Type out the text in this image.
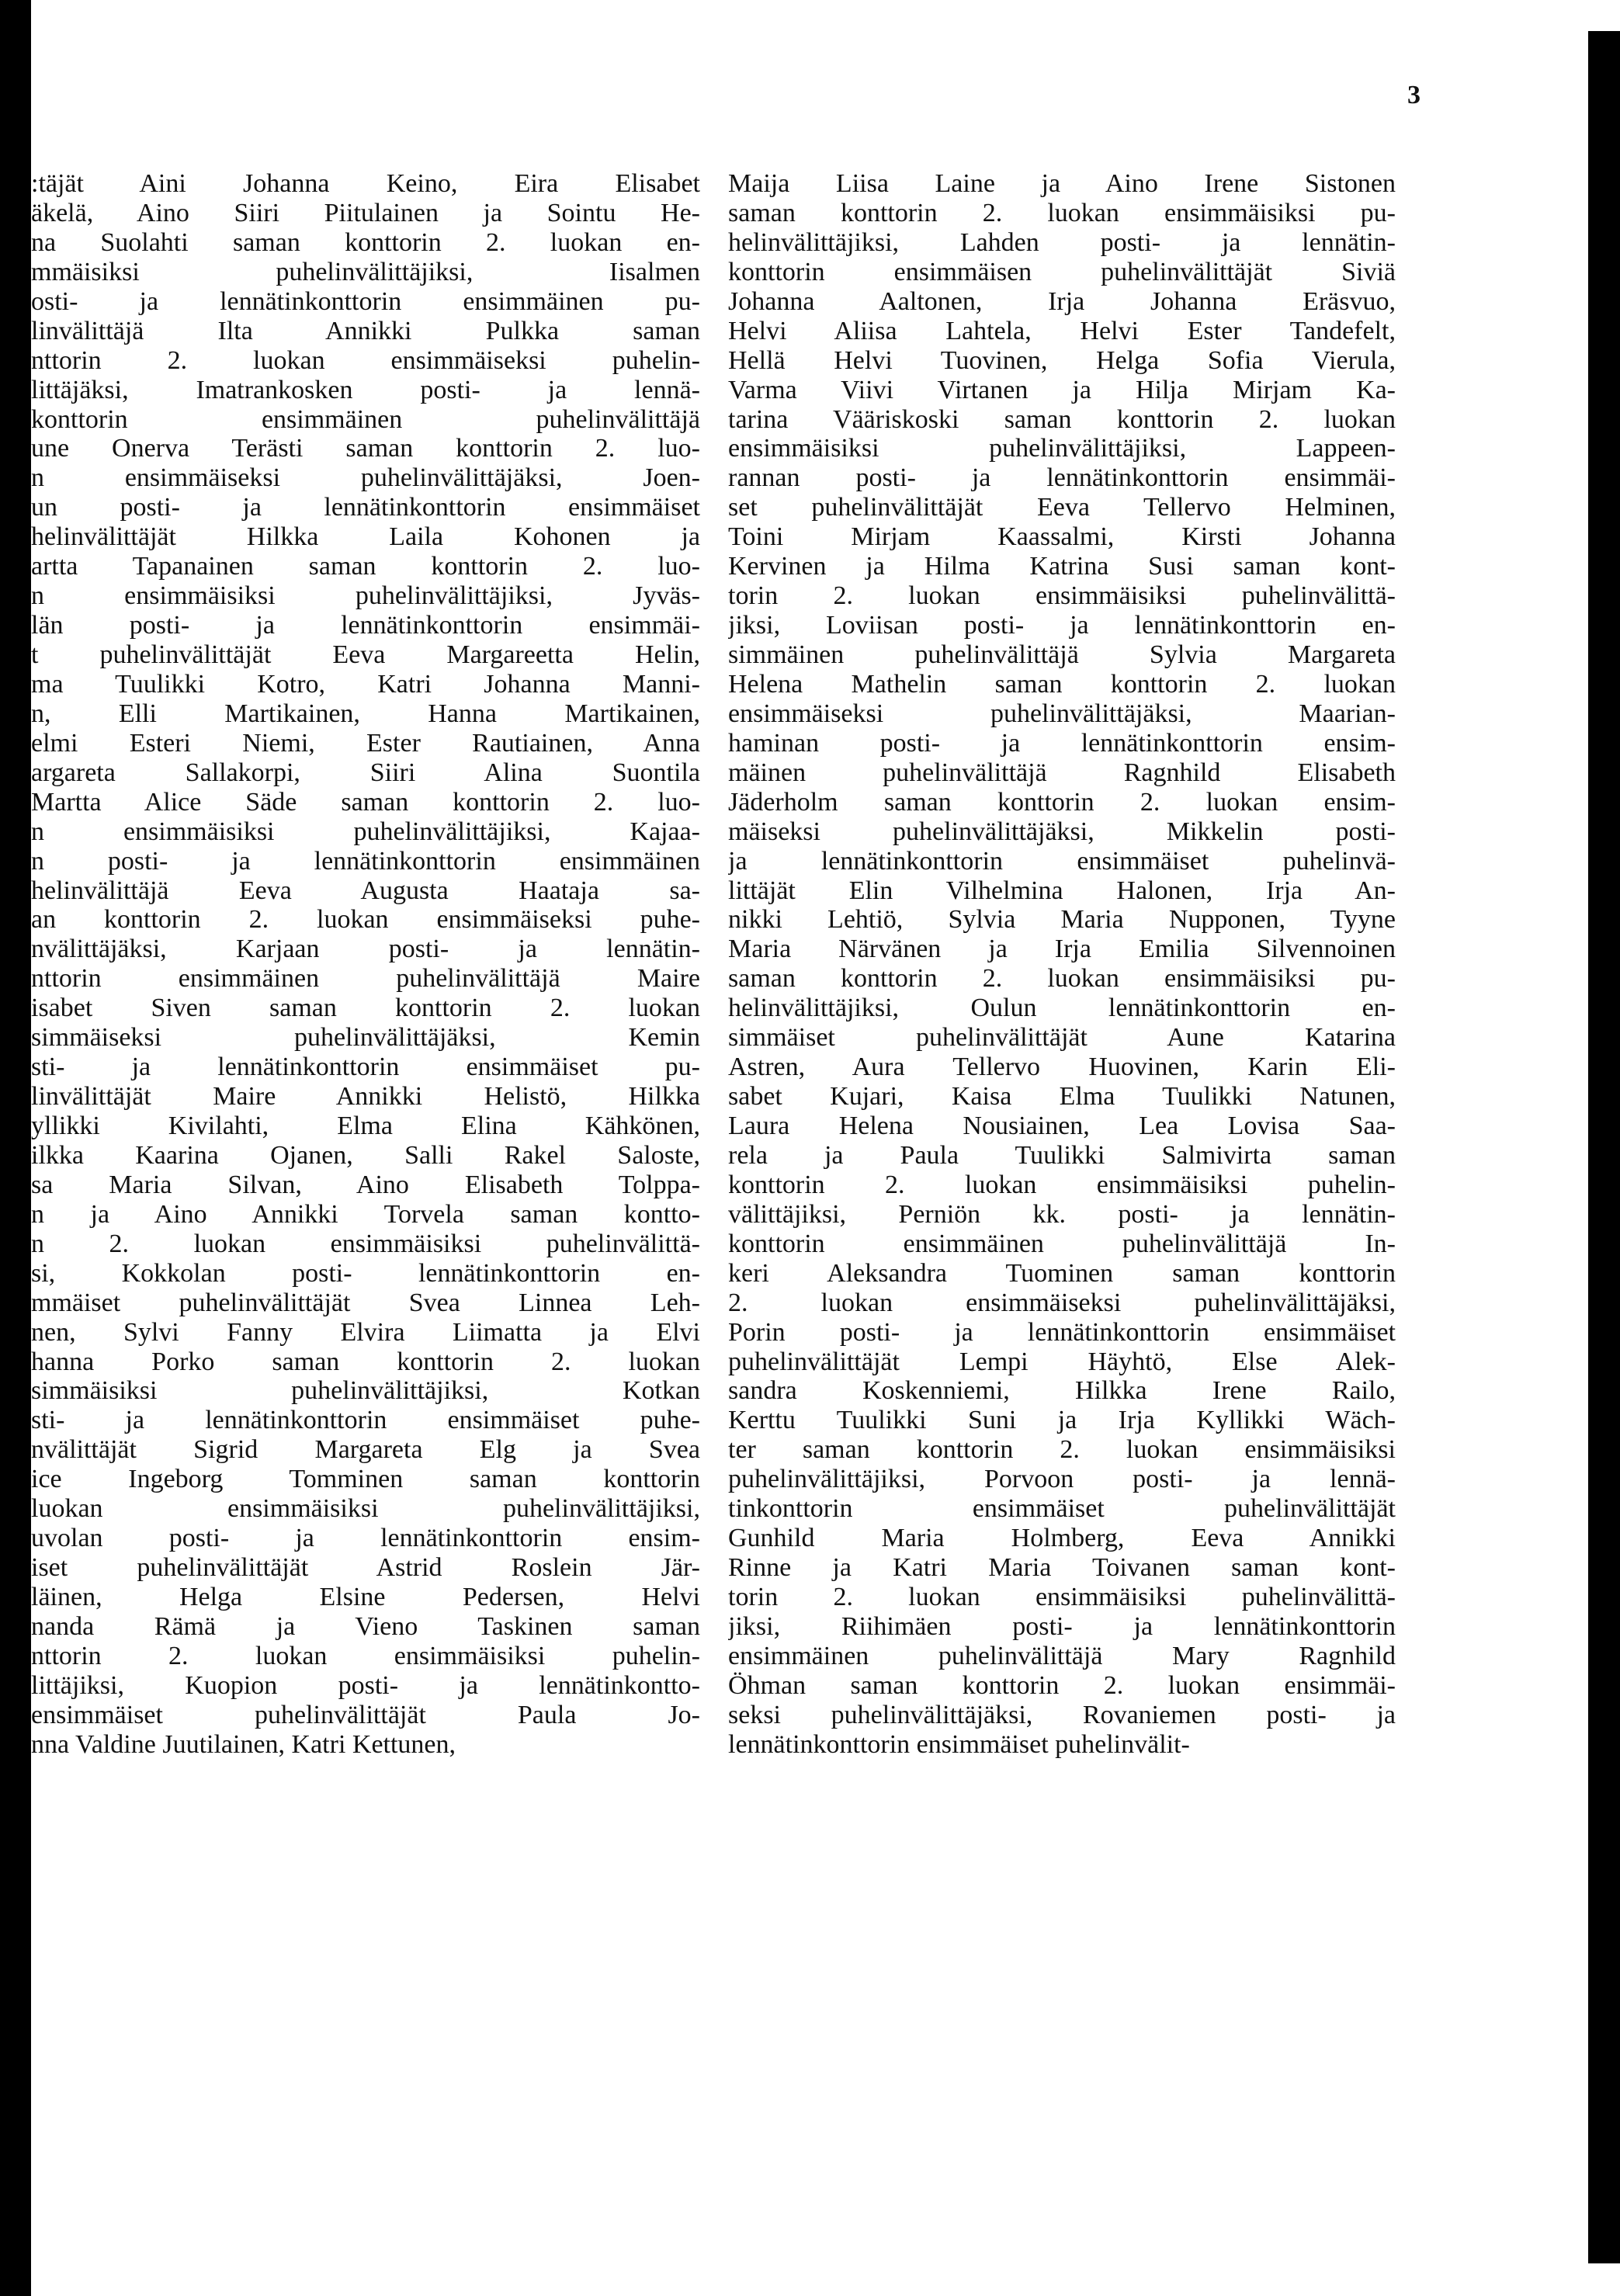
3
:täjät Aini Johanna Keino, Eira Elisabet
äkelä, Aino Siiri Piitulainen ja Sointu He-
na Suolahti saman konttorin 2. luokan en-
mmäisiksi puhelinvälittäjiksi, Iisalmen
osti- ja lennätinkonttorin ensimmäinen pu-
linvälittäjä Ilta Annikki Pulkka saman
nttorin 2. luokan ensimmäiseksi puhelin-
littäjäksi, Imatrankosken posti- ja lennä-
konttorin ensimmäinen puhelinvälittäjä
une Onerva Terästi saman konttorin 2. luo-
n ensimmäiseksi puhelinvälittäjäksi, Joen-
un posti- ja lennätinkonttorin ensimmäiset
helinvälittäjät Hilkka Laila Kohonen ja
artta Tapanainen saman konttorin 2. luo-
n ensimmäisiksi puhelinvälittäjiksi, Jyväs-
län posti- ja lennätinkonttorin ensimmäi-
t puhelinvälittäjät Eeva Margareetta Helin,
ma Tuulikki Kotro, Katri Johanna Manni-
n, Elli Martikainen, Hanna Martikainen,
elmi Esteri Niemi, Ester Rautiainen, Anna
argareta Sallakorpi, Siiri Alina Suontila
Martta Alice Säde saman konttorin 2. luo-
n ensimmäisiksi puhelinvälittäjiksi, Kajaa-
n posti- ja lennätinkonttorin ensimmäinen
helinvälittäjä Eeva Augusta Haataja sa-
an konttorin 2. luokan ensimmäiseksi puhe-
nvälittäjäksi, Karjaan posti- ja lennätin-
nttorin ensimmäinen puhelinvälittäjä Maire
isabet Siven saman konttorin 2. luokan
simmäiseksi puhelinvälittäjäksi, Kemin
sti- ja lennätinkonttorin ensimmäiset pu-
linvälittäjät Maire Annikki Helistö, Hilkka
yllikki Kivilahti, Elma Elina Kähkönen,
ilkka Kaarina Ojanen, Salli Rakel Saloste,
sa Maria Silvan, Aino Elisabeth Tolppa-
n ja Aino Annikki Torvela saman kontto-
n 2. luokan ensimmäisiksi puhelinvälittä-
si, Kokkolan posti- lennätinkonttorin en-
mmäiset puhelinvälittäjät Svea Linnea Leh-
nen, Sylvi Fanny Elvira Liimatta ja Elvi
hanna Porko saman konttorin 2. luokan
simmäisiksi puhelinvälittäjiksi, Kotkan
sti- ja lennätinkonttorin ensimmäiset puhe-
nvälittäjät Sigrid Margareta Elg ja Svea
ice Ingeborg Tomminen saman konttorin
luokan ensimmäisiksi puhelinvälittäjiksi,
uvolan posti- ja lennätinkonttorin ensim-
iset puhelinvälittäjät Astrid Roslein Jär-
läinen, Helga Elsine Pedersen, Helvi
nanda Rämä ja Vieno Taskinen saman
nttorin 2. luokan ensimmäisiksi puhelin-
littäjiksi, Kuopion posti- ja lennätinkontto-
ensimmäiset puhelinvälittäjät Paula Jo-
nna Valdine Juutilainen, Katri Kettunen,
Maija Liisa Laine ja Aino Irene Sistonen
saman konttorin 2. luokan ensimmäisiksi pu-
helinvälittäjiksi, Lahden posti- ja lennätin-
konttorin ensimmäisen puhelinvälittäjät Siviä
Johanna Aaltonen, Irja Johanna Eräsvuo,
Helvi Aliisa Lahtela, Helvi Ester Tandefelt,
Hellä Helvi Tuovinen, Helga Sofia Vierula,
Varma Viivi Virtanen ja Hilja Mirjam Ka-
tarina Vääriskoski saman konttorin 2. luokan
ensimmäisiksi puhelinvälittäjiksi, Lappeen-
rannan posti- ja lennätinkonttorin ensimmäi-
set puhelinvälittäjät Eeva Tellervo Helminen,
Toini Mirjam Kaassalmi, Kirsti Johanna
Kervinen ja Hilma Katrina Susi saman kont-
torin 2. luokan ensimmäisiksi puhelinvälittä-
jiksi, Loviisan posti- ja lennätinkonttorin en-
simmäinen puhelinvälittäjä Sylvia Margareta
Helena Mathelin saman konttorin 2. luokan
ensimmäiseksi puhelinvälittäjäksi, Maarian-
haminan posti- ja lennätinkonttorin ensim-
mäinen puhelinvälittäjä Ragnhild Elisabeth
Jäderholm saman konttorin 2. luokan ensim-
mäiseksi puhelinvälittäjäksi, Mikkelin posti-
ja lennätinkonttorin ensimmäiset puhelinvä-
littäjät Elin Vilhelmina Halonen, Irja An-
nikki Lehtiö, Sylvia Maria Nupponen, Tyyne
Maria Närvänen ja Irja Emilia Silvennoinen
saman konttorin 2. luokan ensimmäisiksi pu-
helinvälittäjiksi, Oulun lennätinkonttorin en-
simmäiset puhelinvälittäjät Aune Katarina
Astren, Aura Tellervo Huovinen, Karin Eli-
sabet Kujari, Kaisa Elma Tuulikki Natunen,
Laura Helena Nousiainen, Lea Lovisa Saa-
rela ja Paula Tuulikki Salmivirta saman
konttorin 2. luokan ensimmäisiksi puhelin-
välittäjiksi, Perniön kk. posti- ja lennätin-
konttorin ensimmäinen puhelinvälittäjä In-
keri Aleksandra Tuominen saman konttorin
2. luokan ensimmäiseksi puhelinvälittäjäksi,
Porin posti- ja lennätinkonttorin ensimmäiset
puhelinvälittäjät Lempi Häyhtö, Else Alek-
sandra Koskenniemi, Hilkka Irene Railo,
Kerttu Tuulikki Suni ja Irja Kyllikki Wäch-
ter saman konttorin 2. luokan ensimmäisiksi
puhelinvälittäjiksi, Porvoon posti- ja lennä-
tinkonttorin ensimmäiset puhelinvälittäjät
Gunhild Maria Holmberg, Eeva Annikki
Rinne ja Katri Maria Toivanen saman kont-
torin 2. luokan ensimmäisiksi puhelinvälittä-
jiksi, Riihimäen posti- ja lennätinkonttorin
ensimmäinen puhelinvälittäjä Mary Ragnhild
Öhman saman konttorin 2. luokan ensimmäi-
seksi puhelinvälittäjäksi, Rovaniemen posti- ja
lennätinkonttorin ensimmäiset puhelinvälit-
